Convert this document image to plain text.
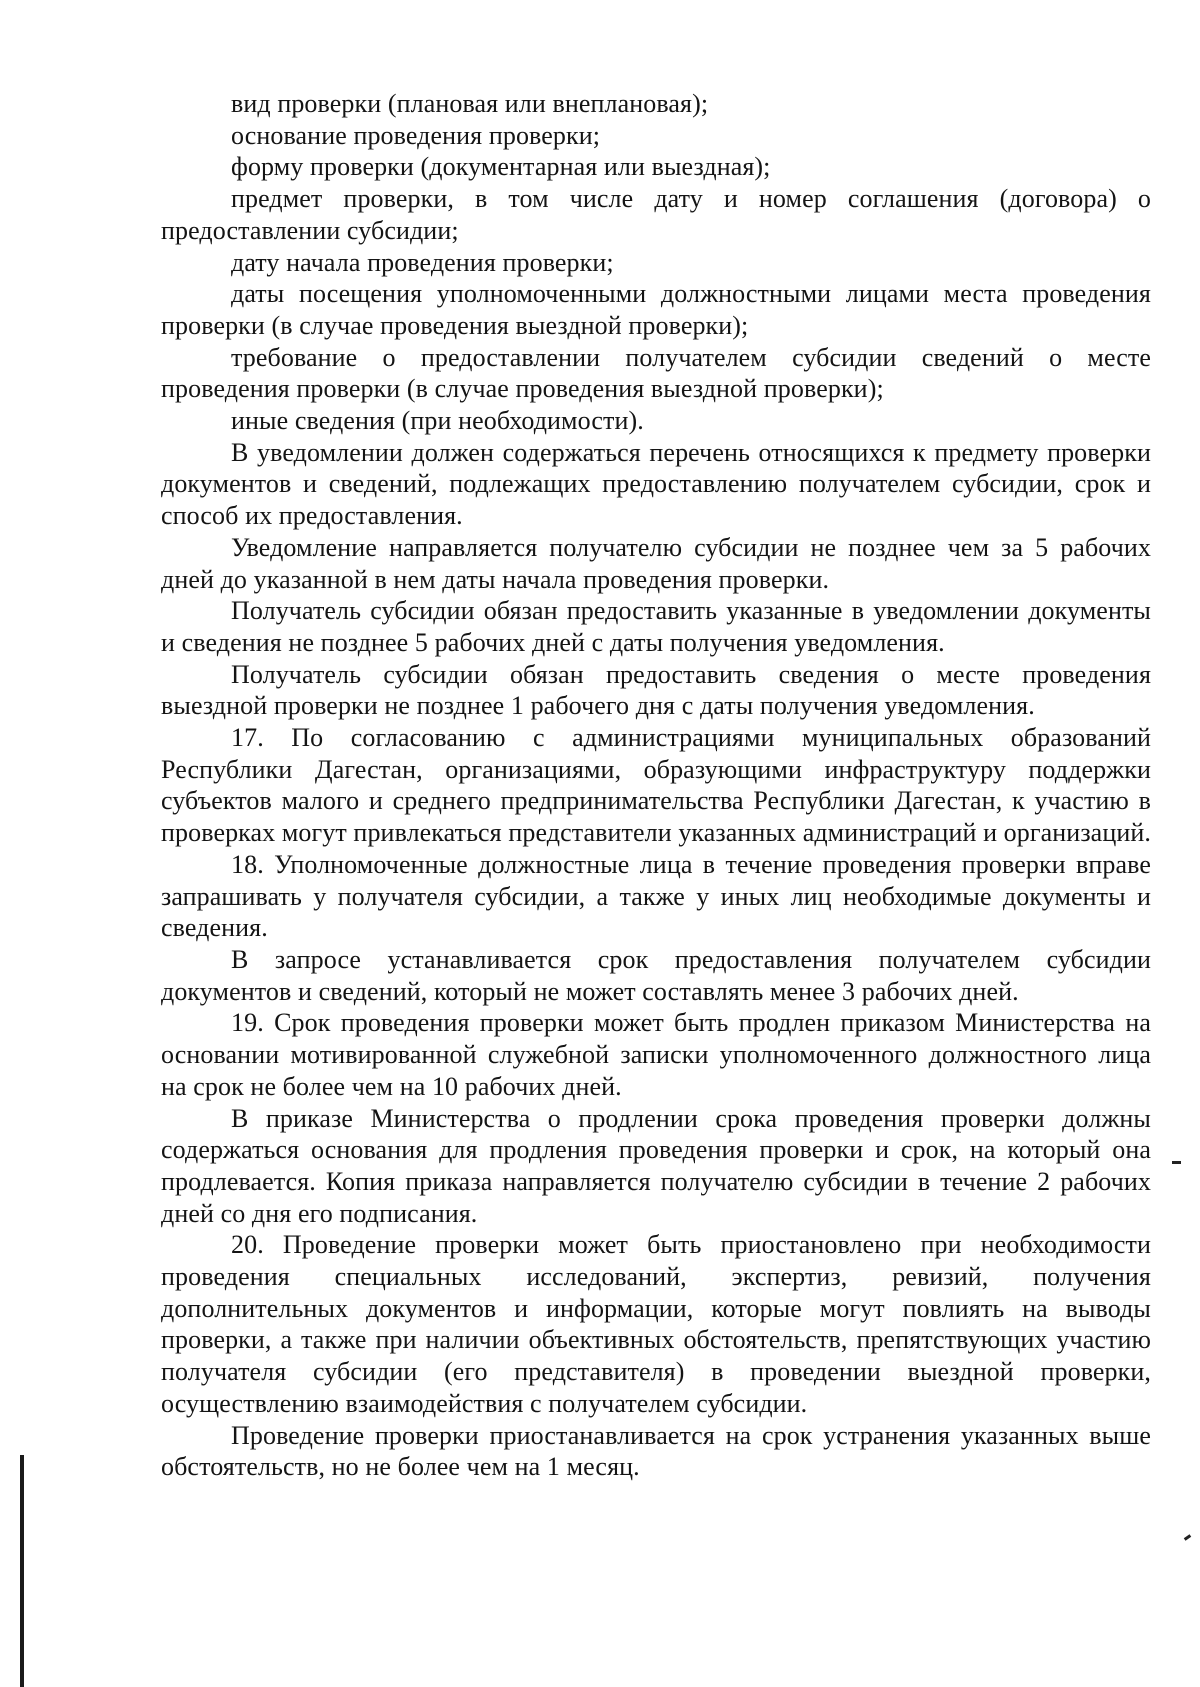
вид проверки (плановая или внеплановая);

основание проведения проверки;

форму проверки (документарная или выездная);

предмет проверки, в том числе дату и номер соглашения (договора) о предоставлении субсидии;

дату начала проведения проверки;

даты посещения уполномоченными должностными лицами места проведения проверки (в случае проведения выездной проверки);

требование о предоставлении получателем субсидии сведений о месте проведения проверки (в случае проведения выездной проверки);

иные сведения (при необходимости).

В уведомлении должен содержаться перечень относящихся к предмету проверки документов и сведений, подлежащих предоставлению получателем субсидии, срок и способ их предоставления.

Уведомление направляется получателю субсидии не позднее чем за 5 рабочих дней до указанной в нем даты начала проведения проверки.

Получатель субсидии обязан предоставить указанные в уведомлении документы и сведения не позднее 5 рабочих дней с даты получения уведомления.

Получатель субсидии обязан предоставить сведения о месте проведения выездной проверки не позднее 1 рабочего дня с даты получения уведомления.

17. По согласованию с администрациями муниципальных образований Республики Дагестан, организациями, образующими инфраструктуру поддержки субъектов малого и среднего предпринимательства Республики Дагестан, к участию в проверках могут привлекаться представители указанных администраций и организаций.

18. Уполномоченные должностные лица в течение проведения проверки вправе запрашивать у получателя субсидии, а также у иных лиц необходимые документы и сведения.

В запросе устанавливается срок предоставления получателем субсидии документов и сведений, который не может составлять менее 3 рабочих дней.

19. Срок проведения проверки может быть продлен приказом Министерства на основании мотивированной служебной записки уполномоченного должностного лица на срок не более чем на 10 рабочих дней.

В приказе Министерства о продлении срока проведения проверки должны содержаться основания для продления проведения проверки и срок, на который она продлевается. Копия приказа направляется получателю субсидии в течение 2 рабочих дней со дня его подписания.

20. Проведение проверки может быть приостановлено при необходимости проведения специальных исследований, экспертиз, ревизий, получения дополнительных документов и информации, которые могут повлиять на выводы проверки, а также при наличии объективных обстоятельств, препятствующих участию получателя субсидии (его представителя) в проведении выездной проверки, осуществлению взаимодействия с получателем субсидии.

Проведение проверки приостанавливается на срок устранения указанных выше обстоятельств, но не более чем на 1 месяц.
